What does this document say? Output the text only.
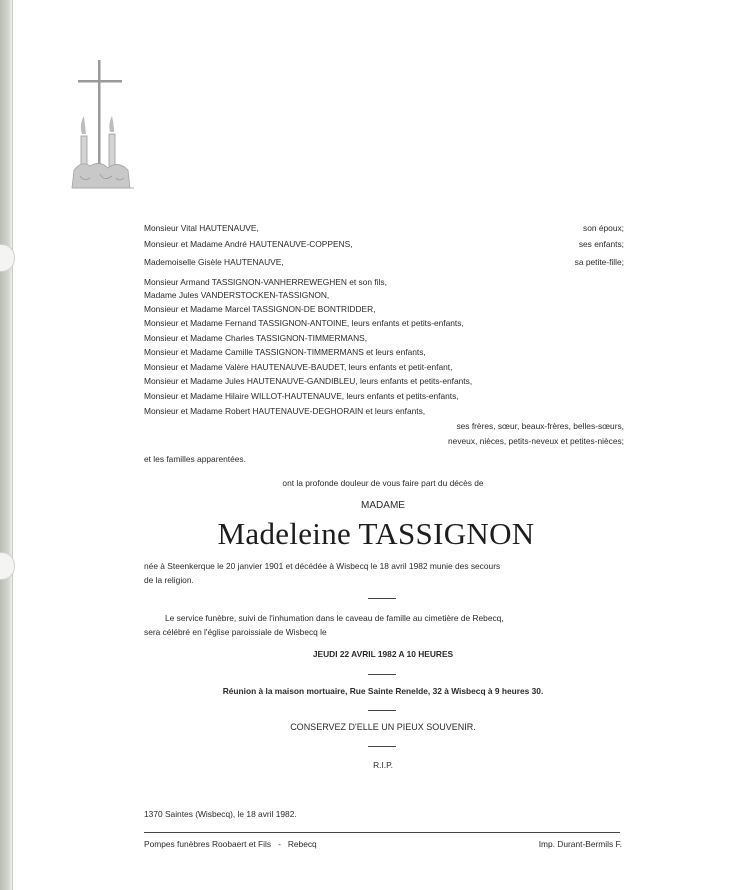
Monsieur Vital HAUTENAUVE,	son époux;
Monsieur et Madame André HAUTENAUVE-COPPENS,	ses enfants;
Mademoiselle Gisèle HAUTENAUVE,	sa petite-fille;
Monsieur Armand TASSIGNON-VANHERREWEGHEN et son fils,
Madame Jules VANDERSTOCKEN-TASSIGNON,
Monsieur et Madame Marcel TASSIGNON-DE BONTRIDDER,
Monsieur et Madame Fernand TASSIGNON-ANTOINE, leurs enfants et petits-enfants,
Monsieur et Madame Charles TASSIGNON-TIMMERMANS,
Monsieur et Madame Camille TASSIGNON-TIMMERMANS et leurs enfants,
Monsieur et Madame Valère HAUTENAUVE-BAUDET, leurs enfants et petit-enfant,
Monsieur et Madame Jules HAUTENAUVE-GANDIBLEU, leurs enfants et petits-enfants,
Monsieur et Madame Hilaire WILLOT-HAUTENAUVE, leurs enfants et petits-enfants,
Monsieur et Madame Robert HAUTENAUVE-DEGHORAIN et leurs enfants,
ses frères, sœur, beaux-frères, belles-sœurs,
neveux, nièces, petits-neveux et petites-nièces;
et les familles apparentées.
ont la profonde douleur de vous faire part du décès de
MADAME
Madeleine TASSIGNON
née à Steenkerque le 20 janvier 1901 et décédée à Wisbecq le 18 avril 1982 munie des secours
de la religion.
Le service funèbre, suivi de l'inhumation dans le caveau de famille au cimetière de Rebecq,
sera célébré en l'église paroissiale de Wisbecq le
JEUDI 22 AVRIL 1982 A 10 HEURES
Réunion à la maison mortuaire, Rue Sainte Renelde, 32 à Wisbecq à 9 heures 30.
CONSERVEZ D'ELLE UN PIEUX SOUVENIR.
R.I.P.
1370 Saintes (Wisbecq), le 18 avril 1982.
Pompes funèbres Roobaert et Fils   -   Rebecq	Imp. Durant-Bermils F.
